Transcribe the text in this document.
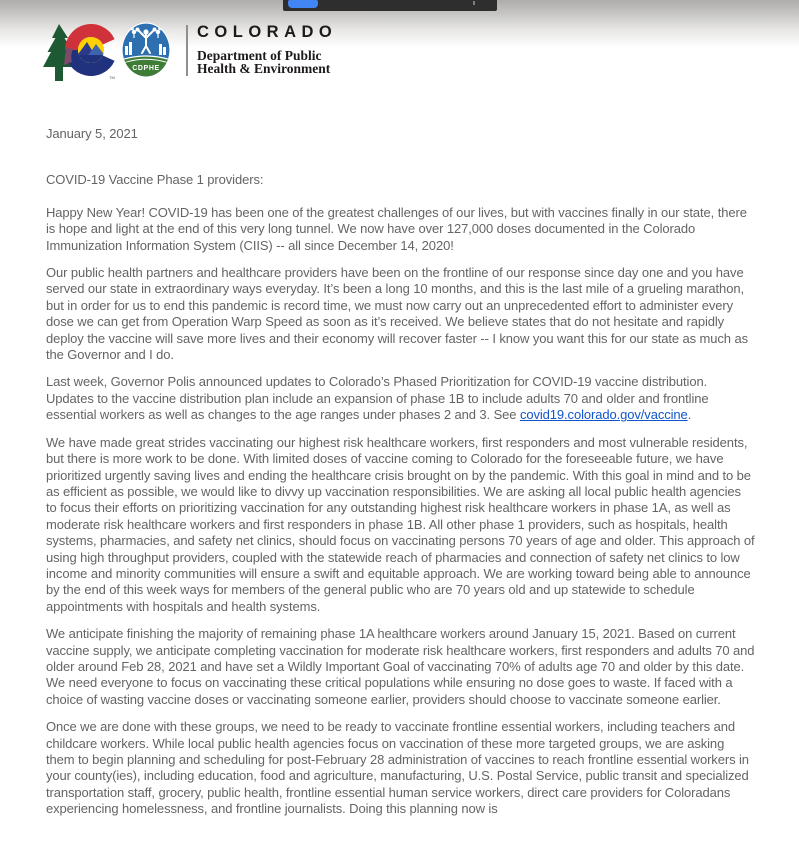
TM
CDPHE
COLORADO
Department of Public
Health & Environment
January 5, 2021
COVID-19 Vaccine Phase 1 providers:

Happy New Year! COVID-19 has been one of the greatest challenges of our lives, but with vaccines finally in our state, there is hope and light at the end of this very long tunnel. We now have over 127,000 doses documented in the Colorado Immunization Information System (CIIS) -- all since December 14, 2020!

Our public health partners and healthcare providers have been on the frontline of our response since day one and you have served our state in extraordinary ways everyday. It’s been a long 10 months, and this is the last mile of a grueling marathon, but in order for us to end this pandemic is record time, we must now carry out an unprecedented effort to administer every dose we can get from Operation Warp Speed as soon as it’s received. We believe states that do not hesitate and rapidly deploy the vaccine will save more lives and their economy will recover faster -- I know you want this for our state as much as the Governor and I do.

Last week, Governor Polis announced updates to Colorado’s Phased Prioritization for COVID-19 vaccine distribution. Updates to the vaccine distribution plan include an expansion of phase 1B to include adults 70 and older and frontline essential workers as well as changes to the age ranges under phases 2 and 3. See covid19.colorado.gov/vaccine.

We have made great strides vaccinating our highest risk healthcare workers, first responders and most vulnerable residents, but there is more work to be done. With limited doses of vaccine coming to Colorado for the foreseeable future, we have prioritized urgently saving lives and ending the healthcare crisis brought on by the pandemic. With this goal in mind and to be as efficient as possible, we would like to divvy up vaccination responsibilities. We are asking all local public health agencies to focus their efforts on prioritizing vaccination for any outstanding highest risk healthcare workers in phase 1A, as well as moderate risk healthcare workers and first responders in phase 1B. All other phase 1 providers, such as hospitals, health systems, pharmacies, and safety net clinics, should focus on vaccinating persons 70 years of age and older. This approach of using high throughput providers, coupled with the statewide reach of pharmacies and connection of safety net clinics to low income and minority communities will ensure a swift and equitable approach. We are working toward being able to announce by the end of this week ways for members of the general public who are 70 years old and up statewide to schedule appointments with hospitals and health systems.

We anticipate finishing the majority of remaining phase 1A healthcare workers around January 15, 2021. Based on current vaccine supply, we anticipate completing vaccination for moderate risk healthcare workers, first responders and adults 70 and older around Feb 28, 2021 and have set a Wildly Important Goal of vaccinating 70% of adults age 70 and older by this date. We need everyone to focus on vaccinating these critical populations while ensuring no dose goes to waste. If faced with a choice of wasting vaccine doses or vaccinating someone earlier, providers should choose to vaccinate someone earlier.

Once we are done with these groups, we need to be ready to vaccinate frontline essential workers, including teachers and childcare workers. While local public health agencies focus on vaccination of these more targeted groups, we are asking them to begin planning and scheduling for post-February 28 administration of vaccines to reach frontline essential workers in your county(ies), including education, food and agriculture, manufacturing, U.S. Postal Service, public transit and specialized transportation staff, grocery, public health, frontline essential human service workers, direct care providers for Coloradans experiencing homelessness, and frontline journalists. Doing this planning now is
